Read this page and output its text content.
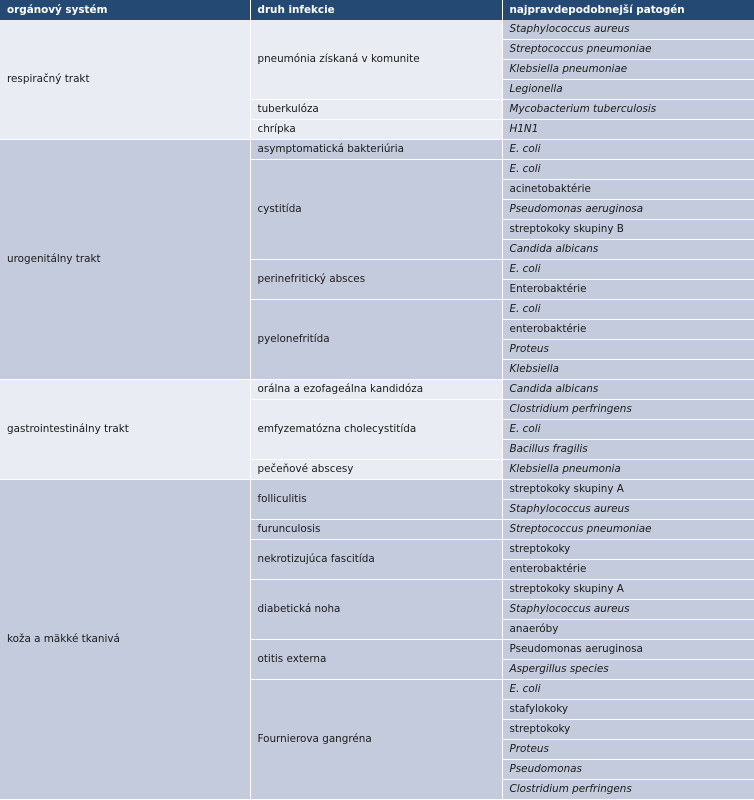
orgánový systém	druh infekcie	najpravdepodobnejší patogén
respiračný trakt	pneumónia získaná v komunite	Staphylococcus aureus
		Streptococcus pneumoniae
		Klebsiella pneumoniae
		Legionella
	tuberkulóza	Mycobacterium tuberculosis
	chrípka	H1N1
urogenitálny trakt	asymptomatická bakteriúria	E. coli
	cystitída	E. coli
		acinetobaktérie
		Pseudomonas aeruginosa
		streptokoky skupiny B
		Candida albicans
	perinefritický absces	E. coli
		Enterobaktérie
	pyelonefritída	E. coli
		enterobaktérie
		Proteus
		Klebsiella
gastrointestinálny trakt	orálna a ezofageálna kandidóza	Candida albicans
	emfyzematózna cholecystitída	Clostridium perfringens
		E. coli
		Bacillus fragilis
	pečeňové abscesy	Klebsiella pneumonia
koža a mäkké tkanivá	folliculitis	streptokoky skupiny A
		Staphylococcus aureus
	furunculosis	Streptococcus pneumoniae
	nekrotizujúca fascitída	streptokoky
		enterobaktérie
	diabetická noha	streptokoky skupiny A
		Staphylococcus aureus
		anaeróby
	otitis externa	Pseudomonas aeruginosa
		Aspergillus species
	Fournierova gangréna	E. coli
		stafylokoky
		streptokoky
		Proteus
		Pseudomonas
		Clostridium perfringens
